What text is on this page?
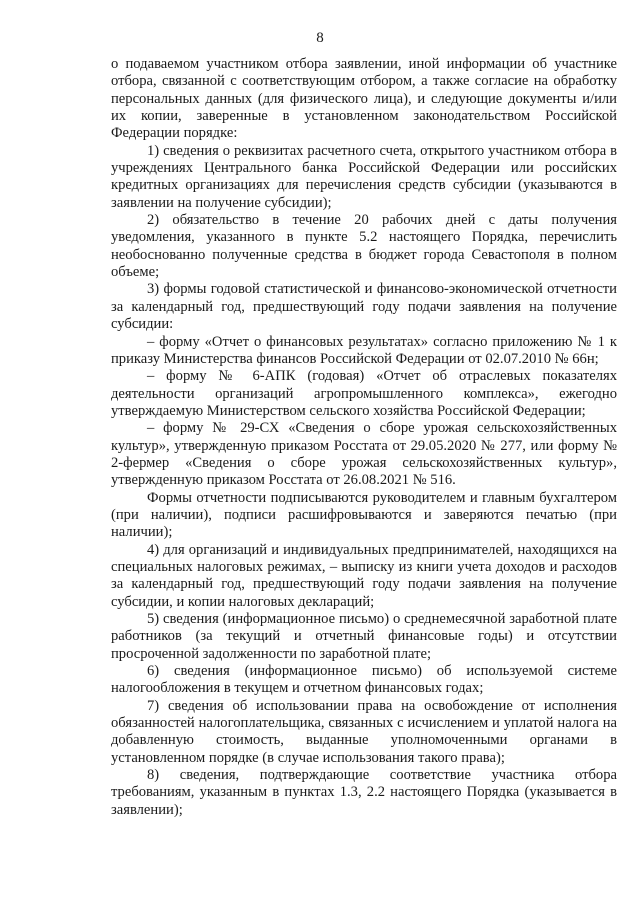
8

о подаваемом участником отбора заявлении, иной информации об участнике отбора, связанной с соответствующим отбором, а также согласие на обработку персональных данных (для физического лица), и следующие документы и/или их копии, заверенные в установленном законодательством Российской Федерации порядке:

1) сведения о реквизитах расчетного счета, открытого участником отбора в учреждениях Центрального банка Российской Федерации или российских кредитных организациях для перечисления средств субсидии (указываются в заявлении на получение субсидии);

2) обязательство в течение 20 рабочих дней с даты получения уведомления, указанного в пункте 5.2 настоящего Порядка, перечислить необоснованно полученные средства в бюджет города Севастополя в полном объеме;

3) формы годовой статистической и финансово-экономической отчетности за календарный год, предшествующий году подачи заявления на получение субсидии:

– форму «Отчет о финансовых результатах» согласно приложению № 1 к приказу Министерства финансов Российской Федерации от 02.07.2010 № 66н;

– форму № 6-АПК (годовая) «Отчет об отраслевых показателях деятельности организаций агропромышленного комплекса», ежегодно утверждаемую Министерством сельского хозяйства Российской Федерации;

– форму № 29-СХ «Сведения о сборе урожая сельскохозяйственных культур», утвержденную приказом Росстата от 29.05.2020 № 277, или форму № 2-фермер «Сведения о сборе урожая сельскохозяйственных культур», утвержденную приказом Росстата от 26.08.2021 № 516.

Формы отчетности подписываются руководителем и главным бухгалтером (при наличии), подписи расшифровываются и заверяются печатью (при наличии);

4) для организаций и индивидуальных предпринимателей, находящихся на специальных налоговых режимах, – выписку из книги учета доходов и расходов за календарный год, предшествующий году подачи заявления на получение субсидии, и копии налоговых деклараций;

5) сведения (информационное письмо) о среднемесячной заработной плате работников (за текущий и отчетный финансовые годы) и отсутствии просроченной задолженности по заработной плате;

6) сведения (информационное письмо) об используемой системе налогообложения в текущем и отчетном финансовых годах;

7) сведения об использовании права на освобождение от исполнения обязанностей налогоплательщика, связанных с исчислением и уплатой налога на добавленную стоимость, выданные уполномоченными органами в установленном порядке (в случае использования такого права);

8) сведения, подтверждающие соответствие участника отбора требованиям, указанным в пунктах 1.3, 2.2 настоящего Порядка (указывается в заявлении);
